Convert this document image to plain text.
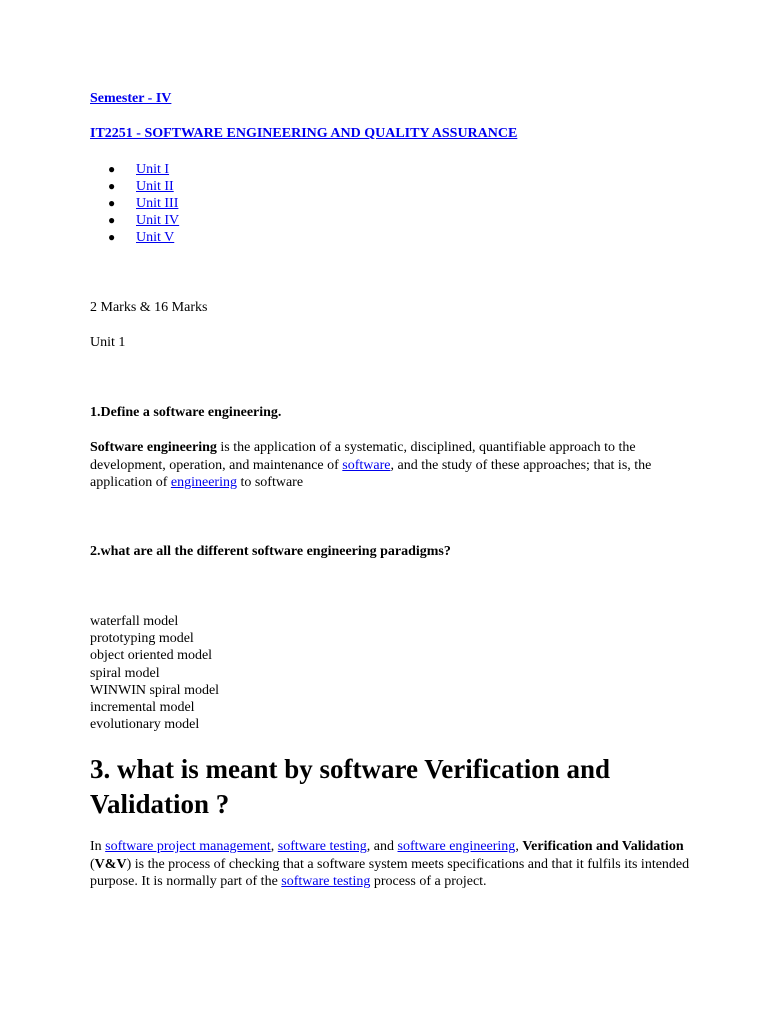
Semester - IV

IT2251 - SOFTWARE ENGINEERING AND QUALITY ASSURANCE

● Unit I
● Unit II
● Unit III
● Unit IV
● Unit V

2 Marks & 16 Marks

Unit 1

1.Define a software engineering.

Software engineering is the application of a systematic, disciplined, quantifiable approach to the development, operation, and maintenance of software, and the study of these approaches; that is, the application of engineering to software

2.what are all the different software engineering paradigms?

waterfall model
prototyping model
object oriented model
spiral model
WINWIN spiral model
incremental model
evolutionary model
3. what is meant by software Verification and Validation ?

In software project management, software testing, and software engineering, Verification and Validation (V&V) is the process of checking that a software system meets specifications and that it fulfils its intended purpose. It is normally part of the software testing process of a project.
